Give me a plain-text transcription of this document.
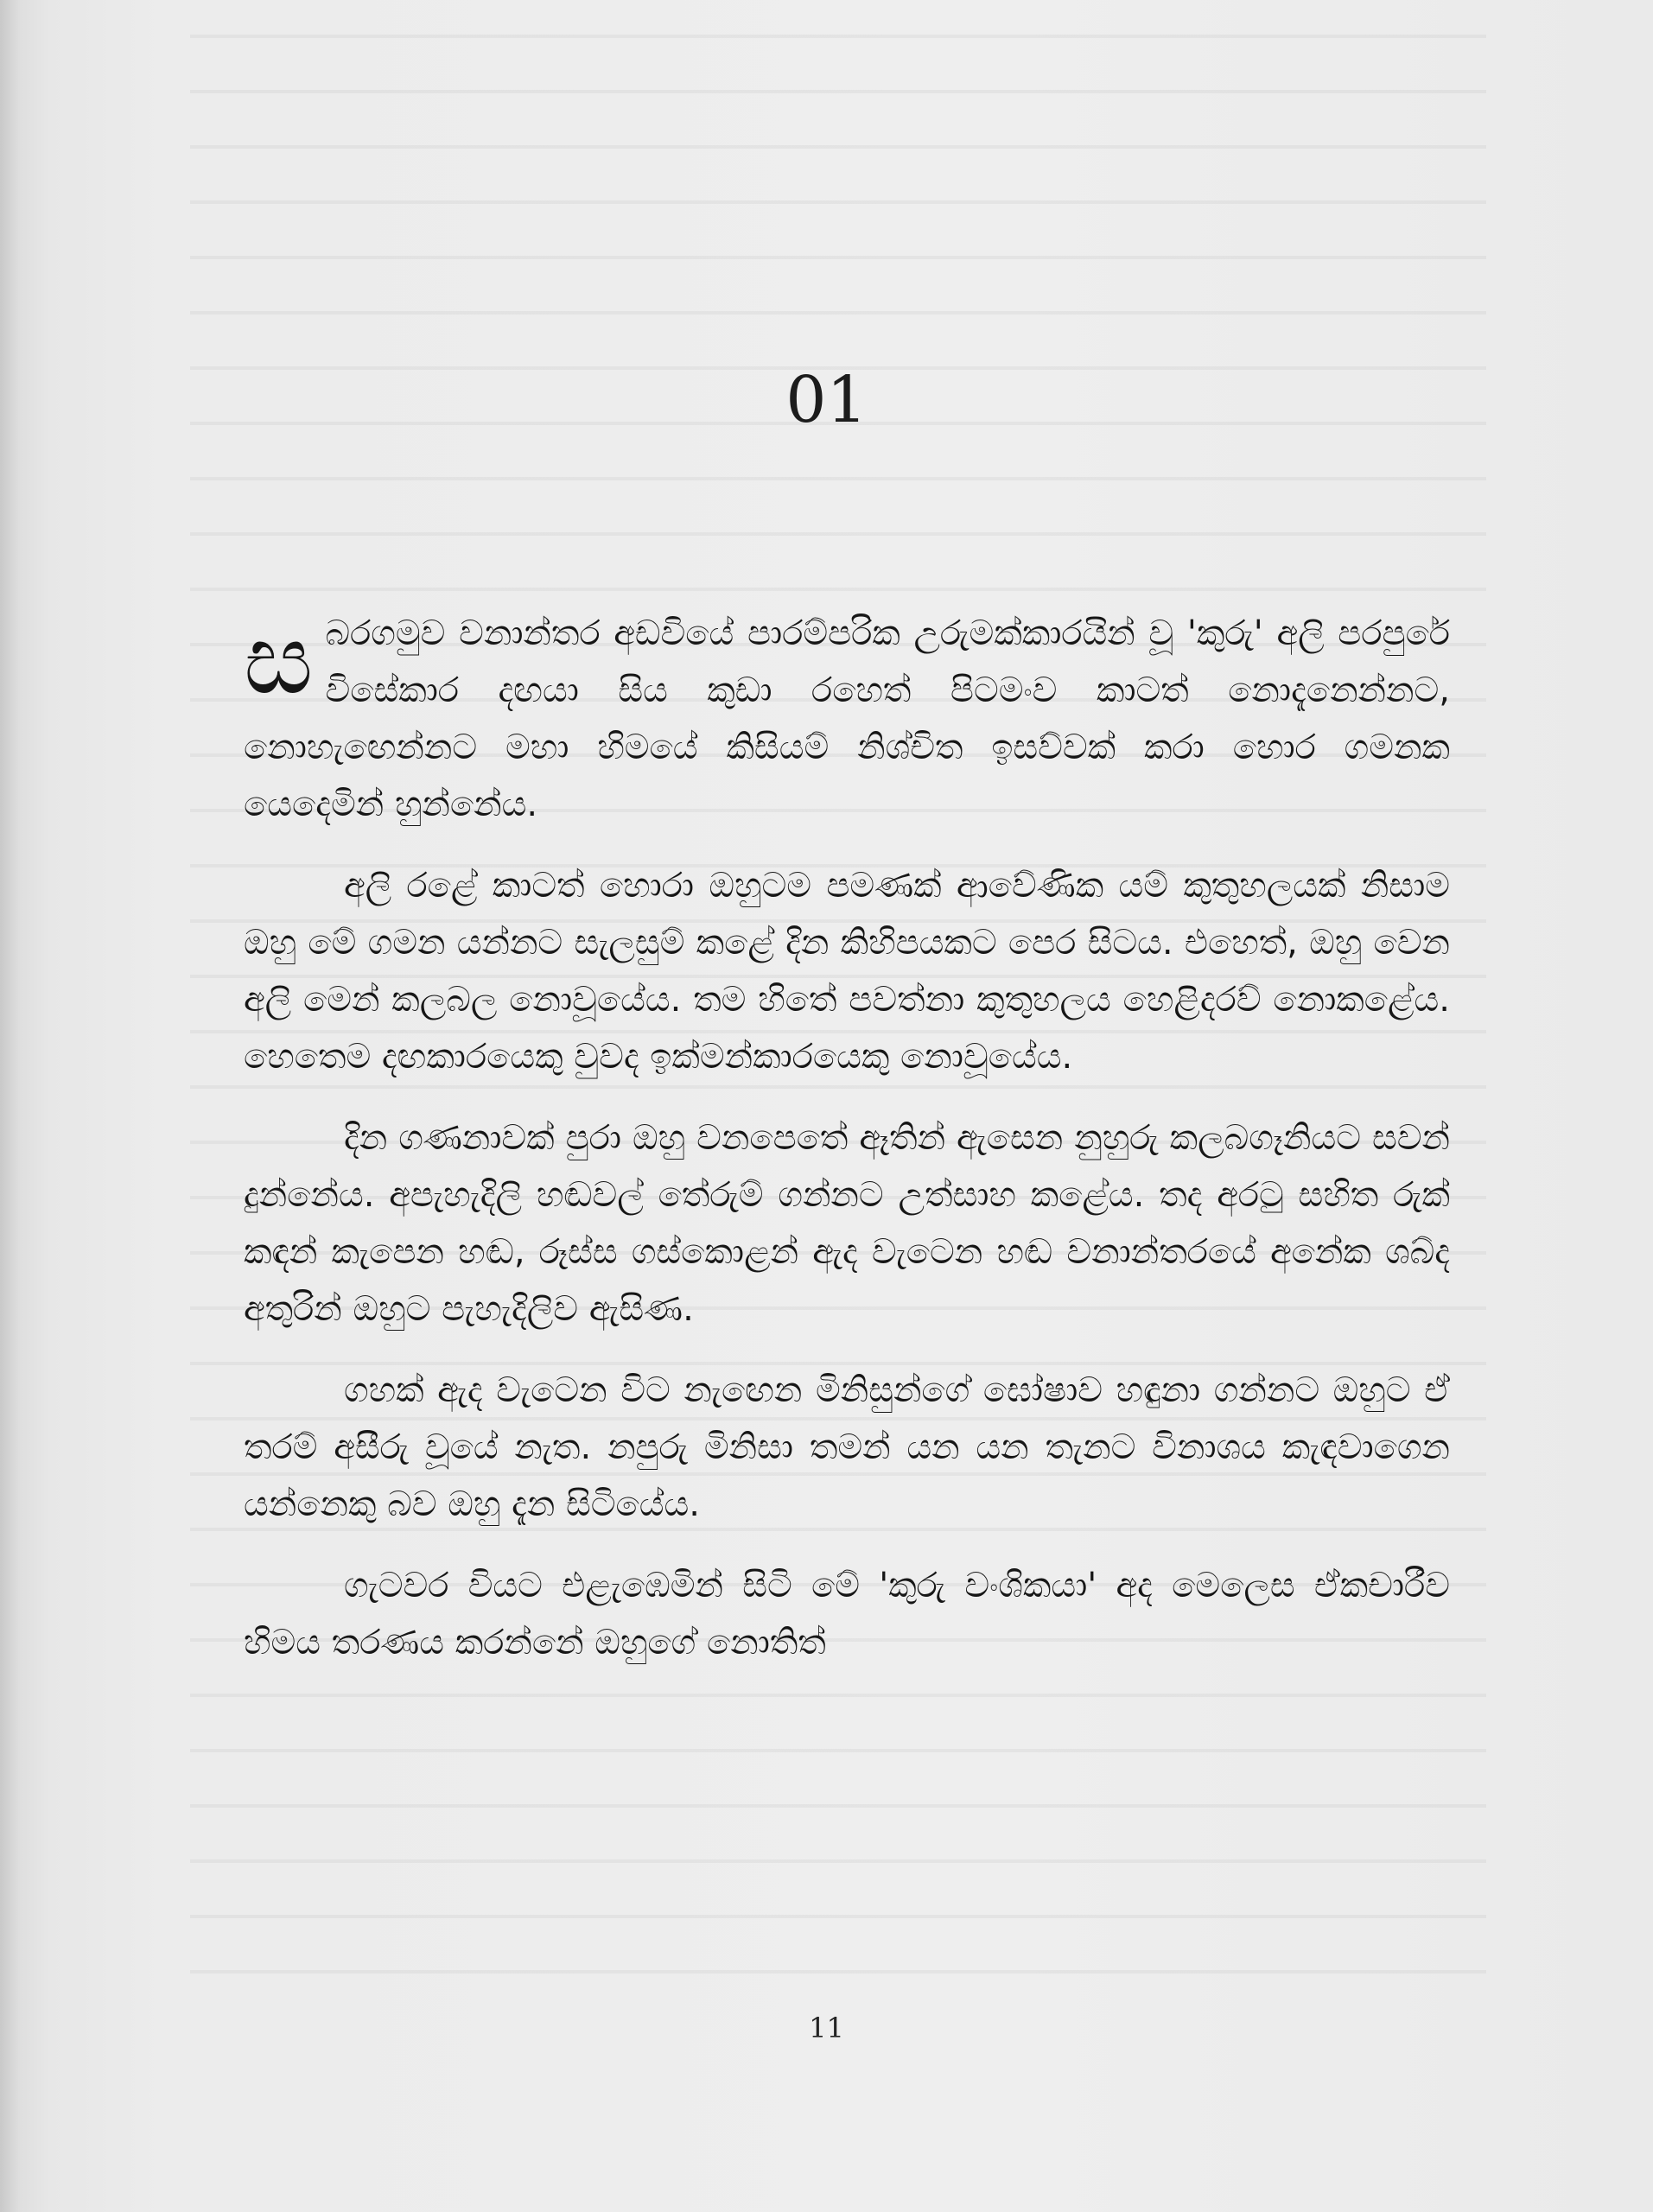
01

ස බරගමුව වනාන්තර අඩවියේ පාරම්පරික උරුමක්කාරයින් වූ 'කුරු' අලි පරපුරේ විසේකාර දඟයා සිය කුඩා රහෙත් පිටමංව කාටත් නොදැනෙන්නට, නොහැඟෙන්නට මහා හිමයේ කිසියම් නිශ්චිත ඉසව්වක් කරා හොර ගමනක යෙදෙමින් හුන්නේය.

අලි රළේ කාටත් හොරා ඔහුටම පමණක් ආවේණික යම් කුතුහලයක් නිසාම ඔහු මේ ගමන යන්නට සැලසුම් කළේ දින කිහිපයකට පෙර සිටය. එහෙත්, ඔහු වෙන අලි මෙන් කලබල නොවූයේය. තම හිතේ පවත්නා කුතුහලය හෙළිදරව් නොකළේය. හෙතෙම දඟකාරයෙකු වුවද ඉක්මන්කාරයෙකු නොවූයේය.

දින ගණනාවක් පුරා ඔහු වනපෙතේ ඈතින් ඇසෙන නුහුරු කලබගෑනියට සවන් දුන්නේය. අපැහැදිලි හඬවල් තේරුම් ගන්නට උත්සාහ කළේය. තද අරටු සහිත රුක් කඳන් කැපෙන හඬ, රූස්ස ගස්කොළන් ඇද වැටෙන හඬ වනාන්තරයේ අනේක ශබ්ද අතුරින් ඔහුට පැහැදිලිව ඇසිණ.

ගහක් ඇද වැටෙන විට නැඟෙන මිනිසුන්ගේ ඝෝෂාව හඳුනා ගන්නට ඔහුට ඒ තරම් අසීරු වූයේ නැත. නපුරු මිනිසා තමන් යන යන තැනට විනාශය කැඳවාගෙන යන්නෙකු බව ඔහු දැන සිටියේය.

ගැටවර වියට එළැඹෙමින් සිටි මේ 'කුරු වංශිකයා' අද මෙලෙස ඒකචාරීව හිමය තරණය කරන්නේ ඔහුගේ නොතිත්

11
